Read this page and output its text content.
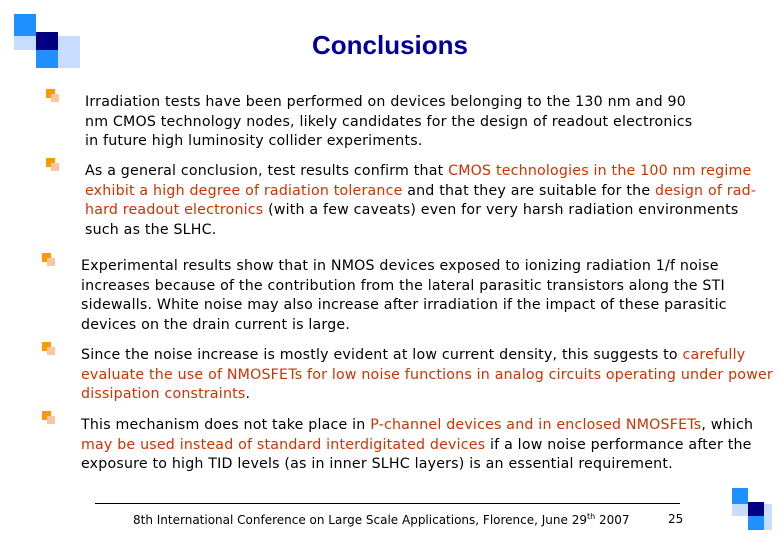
Conclusions

Irradiation tests have been performed on devices belonging to the 130 nm and 90 nm CMOS technology nodes, likely candidates for the design of readout electronics in future high luminosity collider experiments.

As a general conclusion, test results confirm that CMOS technologies in the 100 nm regime exhibit a high degree of radiation tolerance and that they are suitable for the design of rad-hard readout electronics (with a few caveats) even for very harsh radiation environments such as the SLHC.

Experimental results show that in NMOS devices exposed to ionizing radiation 1/f noise increases because of the contribution from the lateral parasitic transistors along the STI sidewalls. White noise may also increase after irradiation if the impact of these parasitic devices on the drain current is large.

Since the noise increase is mostly evident at low current density, this suggests to carefully evaluate the use of NMOSFETs for low noise functions in analog circuits operating under power dissipation constraints.

This mechanism does not take place in P-channel devices and in enclosed NMOSFETs, which may be used instead of standard interdigitated devices if a low noise performance after the exposure to high TID levels (as in inner SLHC layers) is an essential requirement.

8th International Conference on Large Scale Applications, Florence, June 29th 2007	25
